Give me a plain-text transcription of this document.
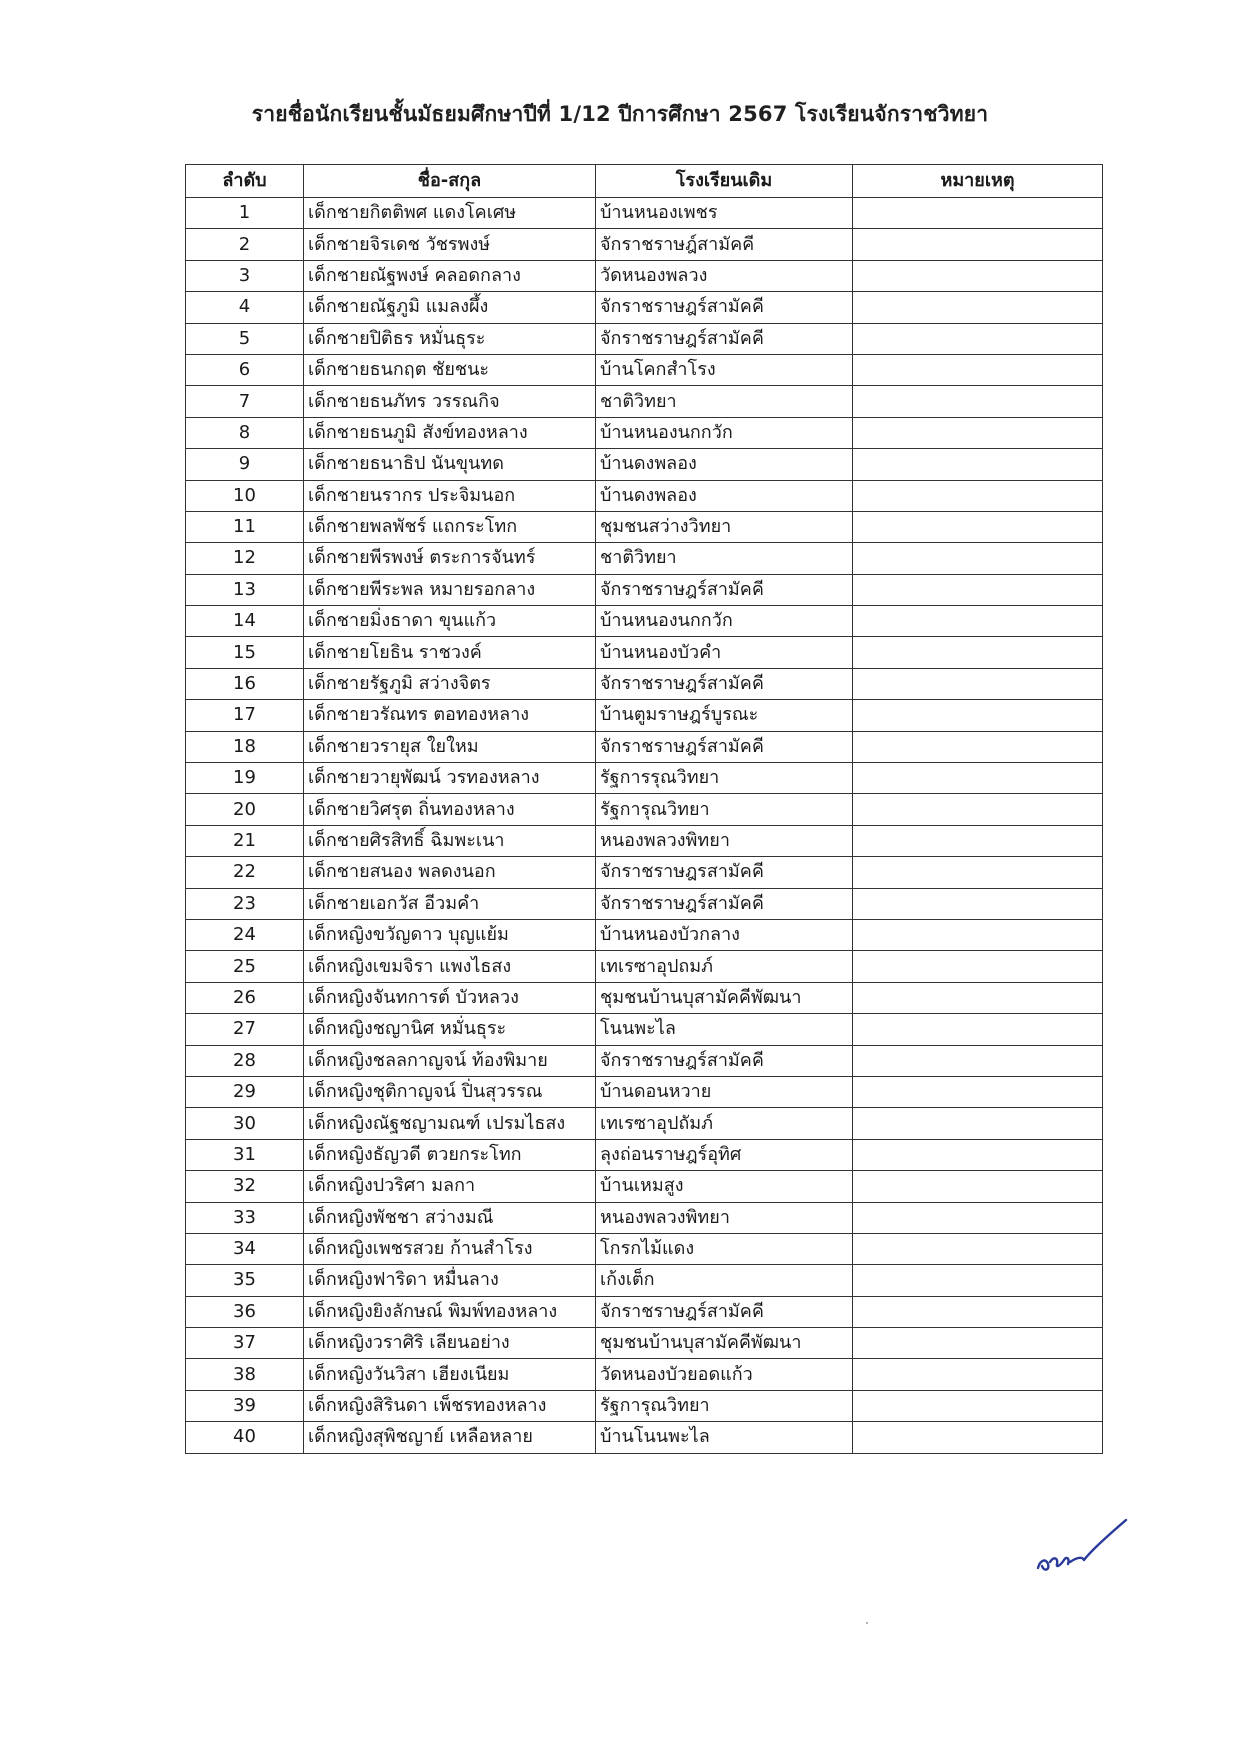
รายชื่อนักเรียนชั้นมัธยมศึกษาปีที่ 1/12 ปีการศึกษา 2567 โรงเรียนจักราชวิทยา
ลำดับ	ชื่อ-สกุล	โรงเรียนเดิม	หมายเหตุ
1	เด็กชายกิตติพศ แดงโคเศษ	บ้านหนองเพชร	
2	เด็กชายจิรเดช วัชรพงษ์	จักราชราษฎ์สามัคคี	
3	เด็กชายณัฐพงษ์ คลอดกลาง	วัดหนองพลวง	
4	เด็กชายณัฐภูมิ แมลงผึ้ง	จักราชราษฎร์สามัคคี	
5	เด็กชายปิติธร หมั่นธุระ	จักราชราษฎร์สามัคคี	
6	เด็กชายธนกฤต ชัยชนะ	บ้านโคกสำโรง	
7	เด็กชายธนภัทร วรรณกิจ	ชาติวิทยา	
8	เด็กชายธนภูมิ สังข์ทองหลาง	บ้านหนองนกกวัก	
9	เด็กชายธนาธิป นันขุนทด	บ้านดงพลอง	
10	เด็กชายนรากร ประจิมนอก	บ้านดงพลอง	
11	เด็กชายพลพัชร์ แถกระโทก	ชุมชนสว่างวิทยา	
12	เด็กชายพีรพงษ์ ตระการจันทร์	ชาติวิทยา	
13	เด็กชายพีระพล หมายรอกลาง	จักราชราษฎร์สามัคคี	
14	เด็กชายมิ่งธาดา ขุนแก้ว	บ้านหนองนกกวัก	
15	เด็กชายโยธิน ราชวงค์	บ้านหนองบัวคำ	
16	เด็กชายรัฐภูมิ สว่างจิตร	จักราชราษฎร์สามัคคี	
17	เด็กชายวรัณทร ตอทองหลาง	บ้านตูมราษฎร์บูรณะ	
18	เด็กชายวรายุส ใยใหม	จักราชราษฎร์สามัคคี	
19	เด็กชายวายุพัฒน์ วรทองหลาง	รัฐการรุณวิทยา	
20	เด็กชายวิศรุต ถิ่นทองหลาง	รัฐการุณวิทยา	
21	เด็กชายศิรสิทธิ์ ฉิมพะเนา	หนองพลวงพิทยา	
22	เด็กชายสนอง พลดงนอก	จักราชราษฎรสามัคคี	
23	เด็กชายเอกวัส อีวมคำ	จักราชราษฎร์สามัคคี	
24	เด็กหญิงขวัญดาว บุญแย้ม	บ้านหนองบัวกลาง	
25	เด็กหญิงเขมจิรา แพงไธสง	เทเรซาอุปถมภ์	
26	เด็กหญิงจันทการต์ บัวหลวง	ชุมชนบ้านบุสามัคคีพัฒนา	
27	เด็กหญิงชญานิศ หมั่นธุระ	โนนพะไล	
28	เด็กหญิงชลลกาญจน์ ท้องพิมาย	จักราชราษฎร์สามัคคี	
29	เด็กหญิงชุติกาญจน์ ปิ่นสุวรรณ	บ้านดอนหวาย	
30	เด็กหญิงณัฐชญามณฑ์ เปรมไธสง	เทเรซาอุปถัมภ์	
31	เด็กหญิงธัญวดี ตวยกระโทก	ลุงถ่อนราษฎร์อุทิศ	
32	เด็กหญิงปวริศา มลกา	บ้านเหมสูง	
33	เด็กหญิงพัชชา สว่างมณี	หนองพลวงพิทยา	
34	เด็กหญิงเพชรสวย ก้านสำโรง	โกรกไม้แดง	
35	เด็กหญิงฟาริดา หมื่นลาง	เก้งเต็ก	
36	เด็กหญิงยิงลักษณ์ พิมพ์ทองหลาง	จักราชราษฎร์สามัคคี	
37	เด็กหญิงวราศิริ เลียนอย่าง	ชุมชนบ้านบุสามัคคีพัฒนา	
38	เด็กหญิงวันวิสา เฮียงเนียม	วัดหนองบัวยอดแก้ว	
39	เด็กหญิงสิรินดา เพ็ชรทองหลาง	รัฐการุณวิทยา	
40	เด็กหญิงสุพิชญาย์ เหลือหลาย	บ้านโนนพะไล	
